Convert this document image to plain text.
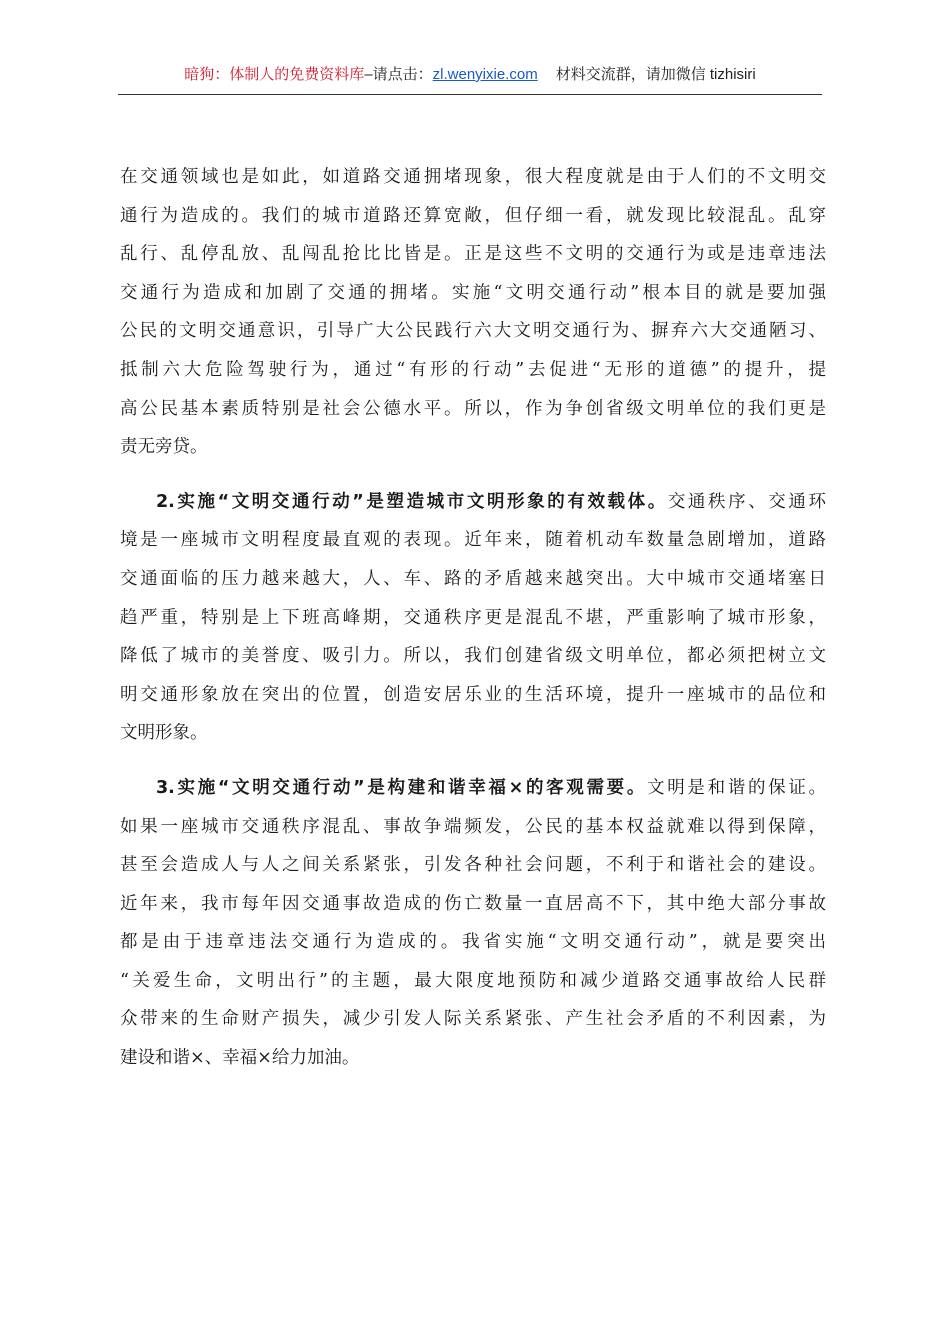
暗狗：体制人的免费资料库–请点击：zl.wenyixie.com 材料交流群，请加微信 tizhisiri
在交通领域也是如此，如道路交通拥堵现象，很大程度就是由于人们的不文明交
通行为造成的。我们的城市道路还算宽敞，但仔细一看，就发现比较混乱。乱穿
乱行、乱停乱放、乱闯乱抢比比皆是。正是这些不文明的交通行为或是违章违法
交通行为造成和加剧了交通的拥堵。实施“文明交通行动”根本目的就是要加强
公民的文明交通意识，引导广大公民践行六大文明交通行为、摒弃六大交通陋习、
抵制六大危险驾驶行为，通过“有形的行动”去促进“无形的道德”的提升，提
高公民基本素质特别是社会公德水平。所以，作为争创省级文明单位的我们更是
责无旁贷。
2.实施“文明交通行动”是塑造城市文明形象的有效载体。交通秩序、交通环
境是一座城市文明程度最直观的表现。近年来，随着机动车数量急剧增加，道路
交通面临的压力越来越大，人、车、路的矛盾越来越突出。大中城市交通堵塞日
趋严重，特别是上下班高峰期，交通秩序更是混乱不堪，严重影响了城市形象，
降低了城市的美誉度、吸引力。所以，我们创建省级文明单位，都必须把树立文
明交通形象放在突出的位置，创造安居乐业的生活环境，提升一座城市的品位和
文明形象。
3.实施“文明交通行动”是构建和谐幸福×的客观需要。文明是和谐的保证。
如果一座城市交通秩序混乱、事故争端频发，公民的基本权益就难以得到保障，
甚至会造成人与人之间关系紧张，引发各种社会问题，不利于和谐社会的建设。
近年来，我市每年因交通事故造成的伤亡数量一直居高不下，其中绝大部分事故
都是由于违章违法交通行为造成的。我省实施“文明交通行动”，就是要突出
“关爱生命，文明出行”的主题，最大限度地预防和减少道路交通事故给人民群
众带来的生命财产损失，减少引发人际关系紧张、产生社会矛盾的不利因素，为
建设和谐×、幸福×给力加油。
